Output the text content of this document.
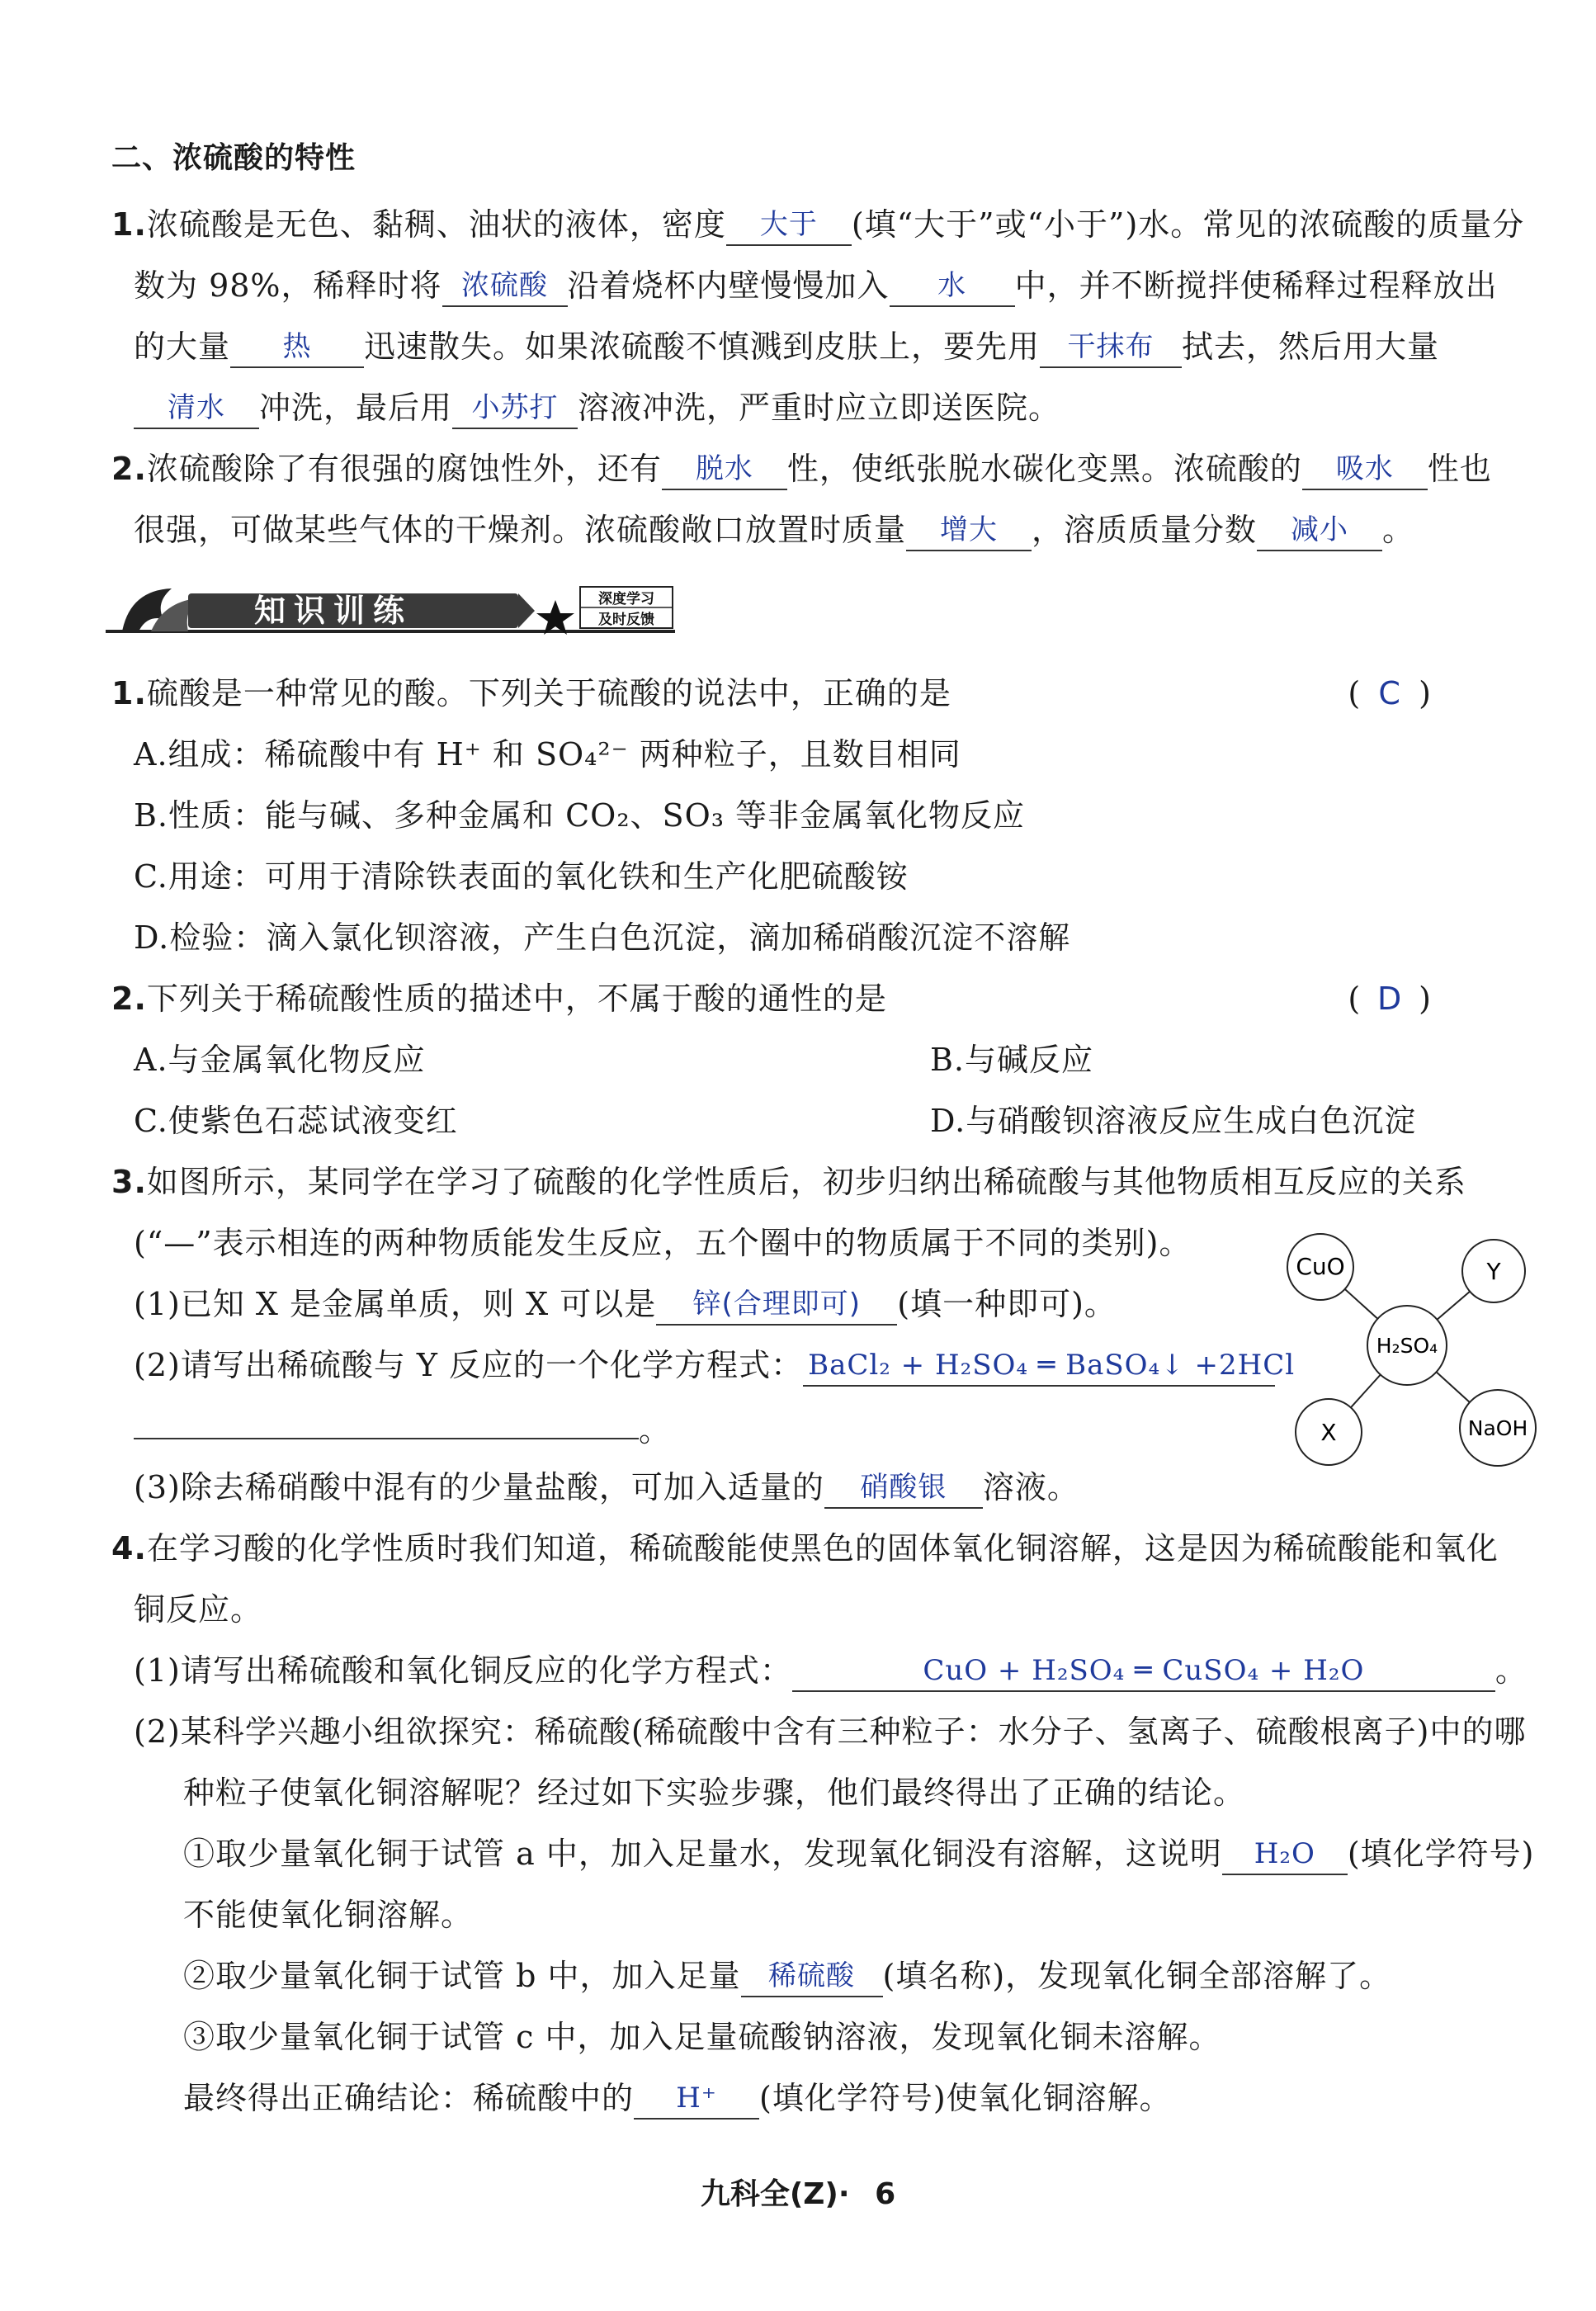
二、浓硫酸的特性
1.浓硫酸是无色、黏稠、油状的液体，密度 大于 (填“大于”或“小于”)水。常见的浓硫酸的质量分
数为 98%，稀释时将 浓硫酸 沿着烧杯内壁慢慢加入 水 中，并不断搅拌使稀释过程释放出
的大量 热 迅速散失。如果浓硫酸不慎溅到皮肤上，要先用 干抹布 拭去，然后用大量
清水 冲洗，最后用 小苏打 溶液冲洗，严重时应立即送医院。
2.浓硫酸除了有很强的腐蚀性外，还有 脱水 性，使纸张脱水碳化变黑。浓硫酸的 吸水 性也
很强，可做某些气体的干燥剂。浓硫酸敞口放置时质量 增大 ，溶质质量分数 减小 。
知识训练	深度学习
及时反馈
1.硫酸是一种常见的酸。下列关于硫酸的说法中，正确的是	( C )
A.组成：稀硫酸中有 H⁺ 和 SO₄²⁻ 两种粒子，且数目相同
B.性质：能与碱、多种金属和 CO₂、SO₃ 等非金属氧化物反应
C.用途：可用于清除铁表面的氧化铁和生产化肥硫酸铵
D.检验：滴入氯化钡溶液，产生白色沉淀，滴加稀硝酸沉淀不溶解
2.下列关于稀硫酸性质的描述中，不属于酸的通性的是	( D )
A.与金属氧化物反应	B.与碱反应
C.使紫色石蕊试液变红	D.与硝酸钡溶液反应生成白色沉淀
3.如图所示，某同学在学习了硫酸的化学性质后，初步归纳出稀硫酸与其他物质相互反应的关系
(“—”表示相连的两种物质能发生反应，五个圈中的物质属于不同的类别)。
(1)已知 X 是金属单质，则 X 可以是 锌(合理即可) (填一种即可)。
(2)请写出稀硫酸与 Y 反应的一个化学方程式： BaCl₂ + H₂SO₄ ═ BaSO₄↓ +2HCl
。
(3)除去稀硝酸中混有的少量盐酸，可加入适量的 硝酸银 溶液。
CuO	Y
H₂SO₄
X	NaOH
4.在学习酸的化学性质时我们知道，稀硫酸能使黑色的固体氧化铜溶解，这是因为稀硫酸能和氧化
铜反应。
(1)请写出稀硫酸和氧化铜反应的化学方程式：	CuO + H₂SO₄ ═ CuSO₄ + H₂O	。
(2)某科学兴趣小组欲探究：稀硫酸(稀硫酸中含有三种粒子：水分子、氢离子、硫酸根离子)中的哪
种粒子使氧化铜溶解呢？经过如下实验步骤，他们最终得出了正确的结论。
①取少量氧化铜于试管 a 中，加入足量水，发现氧化铜没有溶解，这说明 H₂O (填化学符号)
不能使氧化铜溶解。
②取少量氧化铜于试管 b 中，加入足量 稀硫酸 (填名称)，发现氧化铜全部溶解了。
③取少量氧化铜于试管 c 中，加入足量硫酸钠溶液，发现氧化铜未溶解。
最终得出正确结论：稀硫酸中的 H⁺ (填化学符号)使氧化铜溶解。
九科全(Z)· 6
